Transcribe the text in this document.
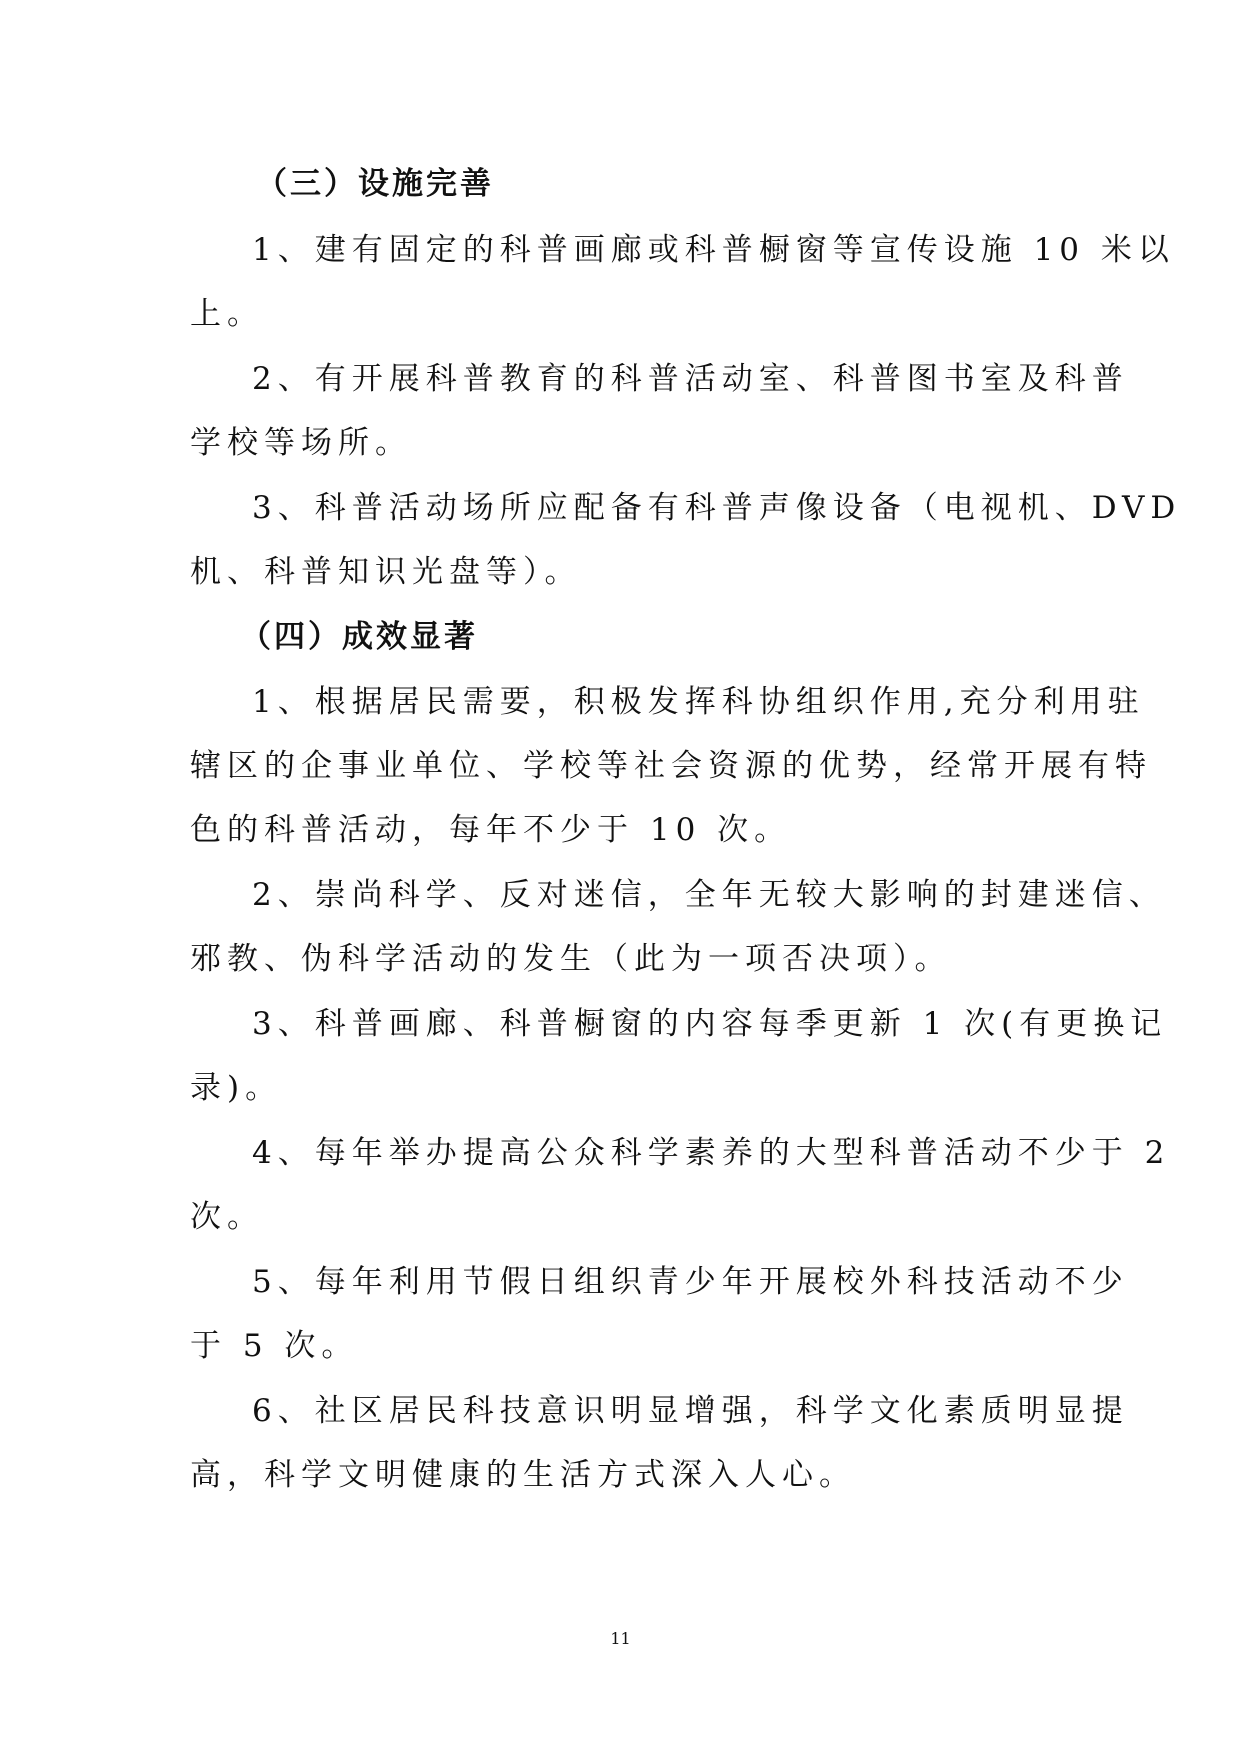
（三）设施完善
1、建有固定的科普画廊或科普橱窗等宣传设施 10 米以
上。
2、有开展科普教育的科普活动室、科普图书室及科普
学校等场所。
3、科普活动场所应配备有科普声像设备（电视机、DVD
机、科普知识光盘等）。
（四）成效显著
1、根据居民需要，积极发挥科协组织作用,充分利用驻
辖区的企事业单位、学校等社会资源的优势，经常开展有特
色的科普活动，每年不少于 10 次。
2、崇尚科学、反对迷信，全年无较大影响的封建迷信、
邪教、伪科学活动的发生（此为一项否决项）。
3、科普画廊、科普橱窗的内容每季更新 1 次(有更换记
录)。
4、每年举办提高公众科学素养的大型科普活动不少于 2
次。
5、每年利用节假日组织青少年开展校外科技活动不少
于 5 次。
6、社区居民科技意识明显增强，科学文化素质明显提
高，科学文明健康的生活方式深入人心。
11
